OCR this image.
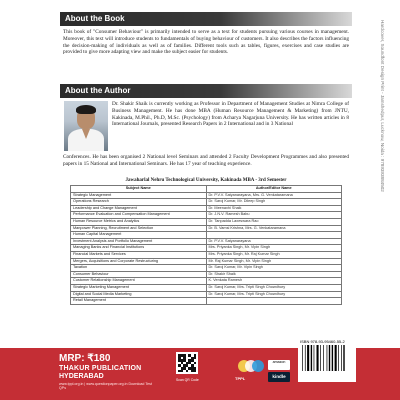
About the Book
This book of "Consumer Behaviour" is primarily intended to serve as a text for students pursuing various courses in management. Moreover, this text will introduce students to fundamentals of buying behaviour of customers. It also describes the factors influencing the decision-making of individuals as well as of families. Different tools such as tables, figures, exercises and case studies are provided to give more adapting view and make the subject easier for students.
About the Author
Dr. Shakir Shaik is currently working as Professor in Department of Management Studies at Nimra College of Business Management. He has done MBA (Human Resource Management & Marketing) from JNTU, Kakinada, M.Phil., Ph.D, M.Sc. (Psychology) from Acharya Nagarjuna University. He has written articles in 8 International Journals, presented Research Papers in 2 International and in 3 National
Conferences. He has been organised 2 National level Seminars and attended 2 Faculty Development Programmes and also presented papers in 15 National and International Seminars. He has 17 year of teaching experience.
Jawaharlal Nehru Technological University, Kakinada MBA - 3rd Semester
Subject Name	Author/Editor Name
Strategic Management	Dr. P.V.V. Satyanarayana, Mrs. G. Venkataramana
Operations Research	Dr. Saroj Kumar, Mr. Dileep Singh
Leadership and Change Management	Dr. Meenaxhi Shaik
Performance Evaluation and Compensation Management	Dr. J.N.V. Ramesh Babu
Human Resource Metrics and Analytics	Dr. Tanpadda Laxeswara Rao
Manpower Planning, Recruitment and Selection	Dr. B. Vamsi Krishna, Mrs. G. Venkataramana
Human Capital Management	
Investment Analysis and Portfolio Management	Dr. P.V.V. Satyanarayana
Managing Banks and Financial Institutions	Mrs. Priyanka Singh, Mr. Vipin Singh
Financial Markets and Services	Mrs. Priyanka Singh, Mr. Raj Kumar Singh
Mergers, Acquisitions and Corporate Restructuring	Mr. Raj Kumar Singh, Mr. Vipin Singh
Taxation	Dr. Saroj Kumar, Mr. Vipin Singh
Consumer Behaviour	Dr. Shakir Shaik
Customer Relationship Management	K. Venkata Ramesh
Strategic Marketing Management	Dr. Saroj Kumar, Mrs. Tripti Singh Chowdhury
Digital and Social Media Marketing	Dr. Saroj Kumar, Mrs. Tripti Singh Chowdhury
Retail Management	
Hardcover, Soundfont Design Print - Jamshedpur, Lucknow, Noida : 9789393884502
MRP: ₹180
THAKUR PUBLICATION
HYDERABAD
www.tppl.org.in | www.questionpaper.org.in Download Test QPs
Scan QR Code	TPPL
amazon
kindle
ISBN 978-93-95460-55-2
